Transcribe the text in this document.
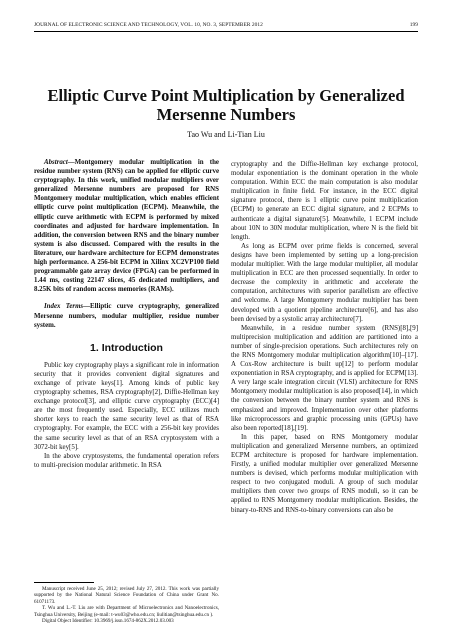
JOURNAL OF ELECTRONIC SCIENCE AND TECHNOLOGY, VOL. 10, NO. 3, SEPTEMBER 2012	199
Elliptic Curve Point Multiplication by Generalized Mersenne Numbers
Tao Wu and Li-Tian Liu

Abstract—Montgomery modular multiplication in the residue number system (RNS) can be applied for elliptic curve cryptography. In this work, unified modular multipliers over generalized Mersenne numbers are proposed for RNS Montgomery modular multiplication, which enables efficient elliptic curve point multiplication (ECPM). Meanwhile, the elliptic curve arithmetic with ECPM is performed by mixed coordinates and adjusted for hardware implementation. In addition, the conversion between RNS and the binary number system is also discussed. Compared with the results in the literature, our hardware architecture for ECPM demonstrates high performance. A 256-bit ECPM in Xilinx XC2VP100 field programmable gate array device (FPGA) can be performed in 1.44 ms, costing 22147 slices, 45 dedicated multipliers, and 8.25K bits of random access memories (RAMs).

Index Terms—Elliptic curve cryptography, generalized Mersenne numbers, modular multiplier, residue number system.

1. Introduction

Public key cryptography plays a significant role in information security that it provides convenient digital signatures and exchange of private keys[1]. Among kinds of public key cryptography schemes, RSA cryptography[2], Diffie-Hellman key exchange protocol[3], and elliptic curve cryptography (ECC)[4] are the most frequently used. Especially, ECC utilizes much shorter keys to reach the same security level as that of RSA cryptography. For example, the ECC with a 256-bit key provides the same security level as that of an RSA cryptosystem with a 3072-bit key[5].

In the above cryptosystems, the fundamental operation refers to multi-precision modular arithmetic. In RSA

Manuscript received June 25, 2012; revised July 27, 2012. This work was partially supported by the National Natural Science Foundation of China under Grant No. 61071173.

T. Wu and L.-T. Liu are with Department of Microelectronics and Nanoelectronics, Tsinghua University, Beijing (e-mail: t-wu03@who.edu.cn; liulitian@tsinghua.edu.cn ).

Digital Object Identifier: 10.3969/j.issn.1674-862X.2012.03.003

cryptography and the Diffie-Hellman key exchange protocol, modular exponentiation is the dominant operation in the whole computation. Within ECC the main computation is also modular multiplication in finite field. For instance, in the ECC digital signature protocol, there is 1 elliptic curve point multiplication (ECPM) to generate an ECC digital signature, and 2 ECPMs to authenticate a digital signature[5]. Meanwhile, 1 ECPM include about 10N to 30N modular multiplication, where N is the field bit length.

As long as ECPM over prime fields is concerned, several designs have been implemented by setting up a long-precision modular multiplier. With the large modular multiplier, all modular multiplication in ECC are then processed sequentially. In order to decrease the complexity in arithmetic and accelerate the computation, architectures with superior parallelism are effective and welcome. A large Montgomery modular multiplier has been developed with a quotient pipeline architecture[6], and has also been devised by a systolic array architecture[7].

Meanwhile, in a residue number system (RNS)[8],[9] multiprecision multiplication and addition are partitioned into a number of single-precision operations. Such architectures rely on the RNS Montgomery modular multiplication algorithm[10]–[17]. A Cox-Row architecture is built up[12] to perform modular exponentiation in RSA cryptography, and is applied for ECPM[13]. A very large scale integration circuit (VLSI) architecture for RNS Montgomery modular multiplication is also proposed[14], in which the conversion between the binary number system and RNS is emphasized and improved. Implementation over other platforms like microprocessors and graphic processing units (GPUs) have also been reported[18],[19].

In this paper, based on RNS Montgomery modular multiplication and generalized Mersenne numbers, an optimized ECPM architecture is proposed for hardware implementation. Firstly, a unified modular multiplier over generalized Mersenne numbers is devised, which performs modular multiplication with respect to two conjugated moduli. A group of such modular multipliers then cover two groups of RNS moduli, so it can be applied to RNS Montgomery modular multiplication. Besides, the binary-to-RNS and RNS-to-binary conversions can also be
